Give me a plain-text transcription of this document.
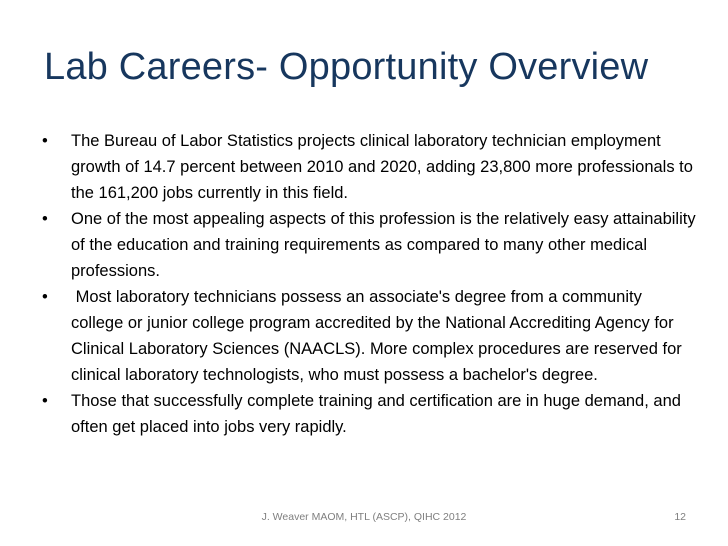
Lab Careers- Opportunity Overview
•	The Bureau of Labor Statistics projects clinical laboratory technician employment growth of 14.7 percent between 2010 and 2020, adding 23,800 more professionals to the 161,200 jobs currently in this field.
•	One of the most appealing aspects of this profession is the relatively easy attainability of the education and training requirements as compared to many other medical professions.
•	Most laboratory technicians possess an associate's degree from a community college or junior college program accredited by the National Accrediting Agency for Clinical Laboratory Sciences (NAACLS). More complex procedures are reserved for clinical laboratory technologists, who must possess a bachelor's degree.
•	Those that successfully complete training and certification are in huge demand, and often get placed into jobs very rapidly.
J. Weaver MAOM, HTL (ASCP), QIHC 2012	12
